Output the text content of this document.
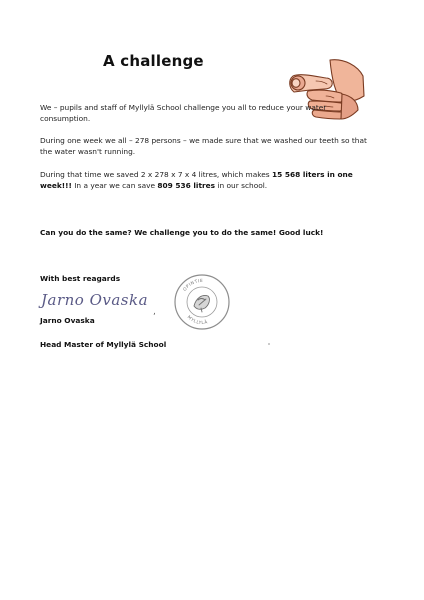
A challenge
We – pupils and staff of Myllylä School challenge you all to reduce your water consumption.
During one week we all – 278 persons – we made sure that we washed our teeth so that the water wasn't running.
During that time we saved 2 x 278 x 7 x 4 litres, which makes 15 568 liters in one week!!! In a year we can save 809 536 litres in our school.
Can you do the same? We challenge you to do the same! Good luck!
With best reagards
Jarno Ovaska
,
Jarno Ovaska
Head Master of Myllylä School
OPINTIE
MYLLYLÄ
